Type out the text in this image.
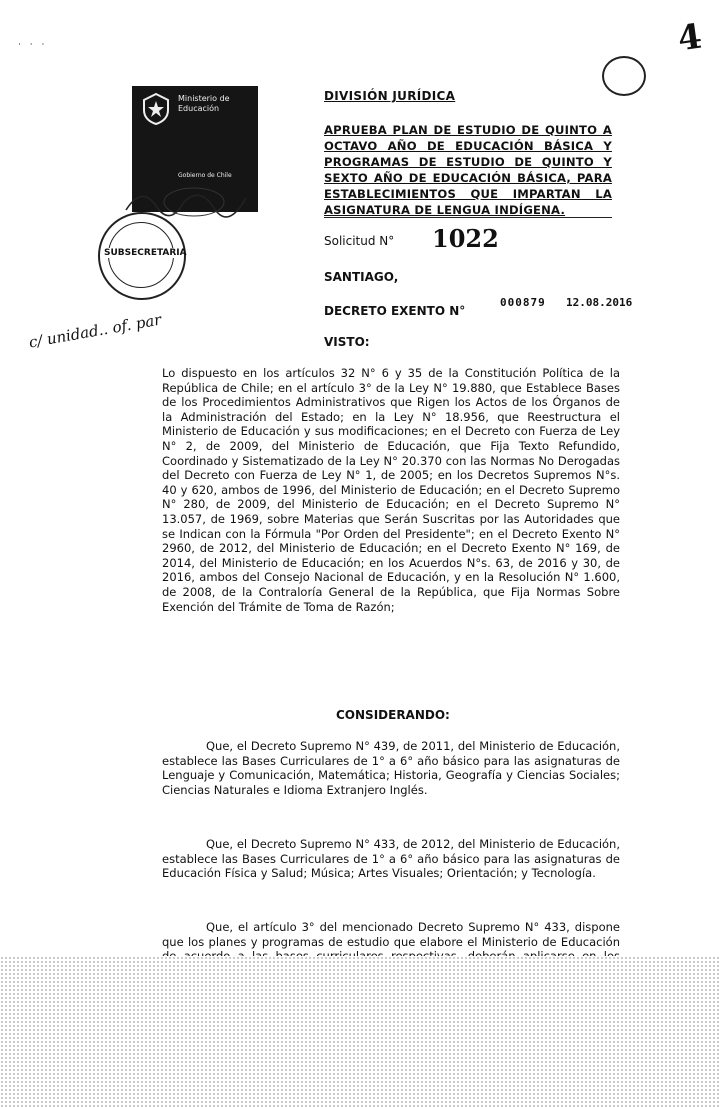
4
· · ·
Ministerio de
Educación
Gobierno de Chile
SUBSECRETARIA
c/ unidad.. of. par
DIVISIÓN JURÍDICA
APRUEBA PLAN DE ESTUDIO DE QUINTO A OCTAVO AÑO DE EDUCACIÓN BÁSICA Y PROGRAMAS DE ESTUDIO DE QUINTO Y SEXTO AÑO DE EDUCACIÓN BÁSICA, PARA ESTABLECIMIENTOS QUE IMPARTAN LA ASIGNATURA DE LENGUA INDÍGENA.
Solicitud N° 1022
SANTIAGO,
DECRETO EXENTO N°
000879 12.08.2016
VISTO:
Lo dispuesto en los artículos 32 N° 6 y 35 de la Constitución Política de la República de Chile; en el artículo 3° de la Ley N° 19.880, que Establece Bases de los Procedimientos Administrativos que Rigen los Actos de los Órganos de la Administración del Estado; en la Ley N° 18.956, que Reestructura el Ministerio de Educación y sus modificaciones; en el Decreto con Fuerza de Ley N° 2, de 2009, del Ministerio de Educación, que Fija Texto Refundido, Coordinado y Sistematizado de la Ley N° 20.370 con las Normas No Derogadas del Decreto con Fuerza de Ley N° 1, de 2005; en los Decretos Supremos N°s. 40 y 620, ambos de 1996, del Ministerio de Educación; en el Decreto Supremo N° 280, de 2009, del Ministerio de Educación; en el Decreto Supremo N° 13.057, de 1969, sobre Materias que Serán Suscritas por las Autoridades que se Indican con la Fórmula "Por Orden del Presidente"; en el Decreto Exento N° 2960, de 2012, del Ministerio de Educación; en el Decreto Exento N° 169, de 2014, del Ministerio de Educación; en los Acuerdos N°s. 63, de 2016 y 30, de 2016, ambos del Consejo Nacional de Educación, y en la Resolución N° 1.600, de 2008, de la Contraloría General de la República, que Fija Normas Sobre Exención del Trámite de Toma de Razón;
CONSIDERANDO:
Que, el Decreto Supremo N° 439, de 2011, del Ministerio de Educación, establece las Bases Curriculares de 1° a 6° año básico para las asignaturas de Lenguaje y Comunicación, Matemática; Historia, Geografía y Ciencias Sociales; Ciencias Naturales e Idioma Extranjero Inglés.
Que, el Decreto Supremo N° 433, de 2012, del Ministerio de Educación, establece las Bases Curriculares de 1° a 6° año básico para las asignaturas de Educación Física y Salud; Música; Artes Visuales; Orientación; y Tecnología.
Que, el artículo 3° del mencionado Decreto Supremo N° 433, dispone que los planes y programas de estudio que elabore el Ministerio de Educación
